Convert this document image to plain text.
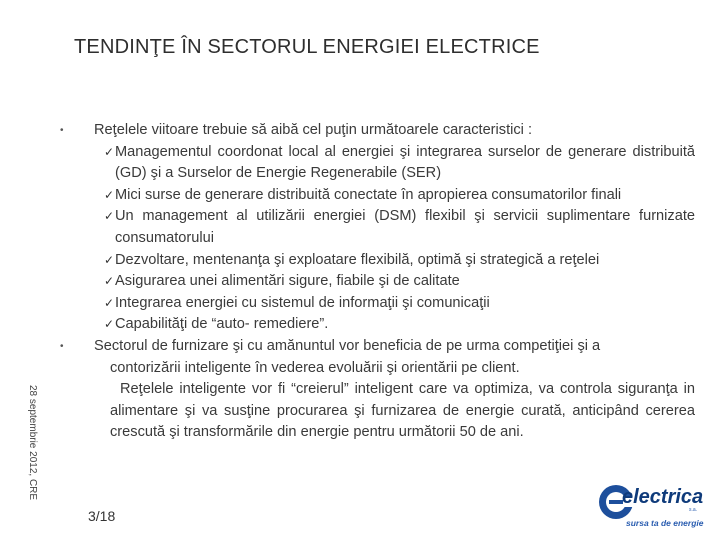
TENDINŢE ÎN SECTORUL ENERGIEI ELECTRICE
28 septembrie 2012, CRE
• Reţelele viitoare trebuie să aibă cel puţin următoarele caracteristici :
✓Managementul coordonat local al energiei şi integrarea surselor de generare distribuită (GD) şi a Surselor de Energie Regenerabile (SER)
✓Mici surse de generare distribuită conectate în apropierea consumatorilor finali
✓Un management al utilizării energiei (DSM) flexibil şi servicii suplimentare furnizate consumatorului
✓Dezvoltare, mentenanţa şi exploatare flexibilă, optimă şi strategică a reţelei
✓Asigurarea unei alimentări sigure, fiabile şi de calitate
✓Integrarea energiei cu sistemul de informaţii şi comunicaţii
✓Capabilităţi de “auto- remediere”.
• Sectorul de furnizare şi cu amănuntul vor beneficia de pe urma competiţiei şi a
contorizării inteligente în vederea evoluării şi orientării pe client.
Reţelele inteligente vor fi “creierul” inteligent care va optimiza, va controla siguranţa in alimentare şi va susţine procurarea şi furnizarea de energie curată, anticipând cererea crescută şi transformările din energie pentru următorii 50 de ani.
3/18
electrica
s.a.
sursa ta de energie
